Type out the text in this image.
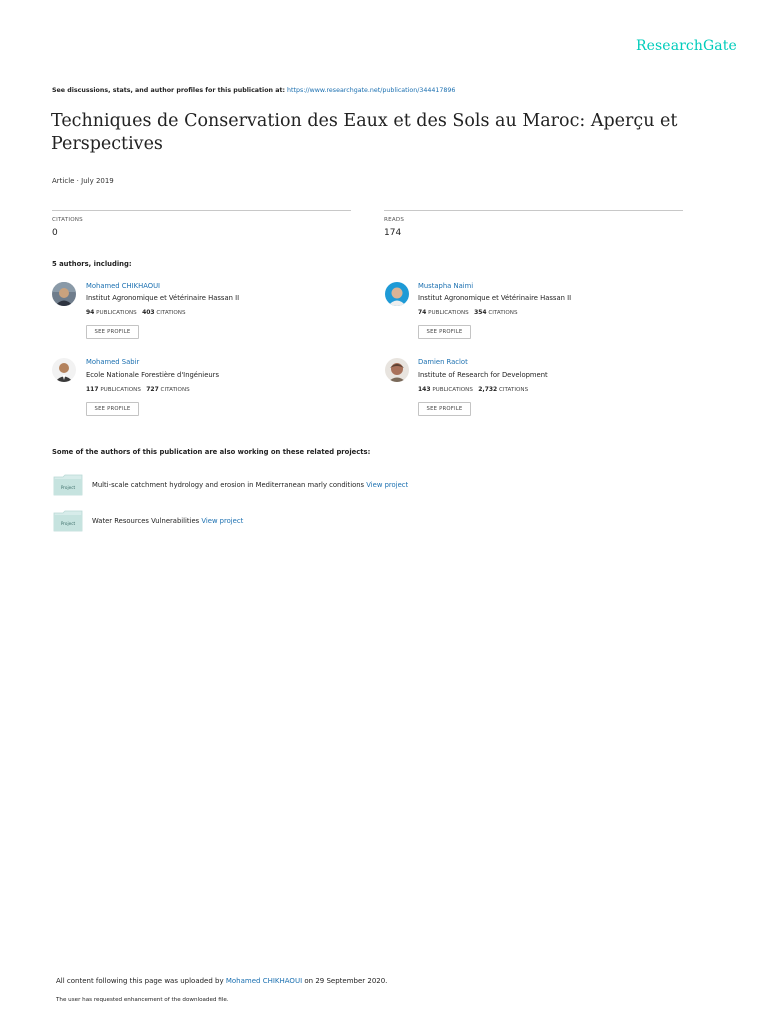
ResearchGate
See discussions, stats, and author profiles for this publication at: https://www.researchgate.net/publication/344417896
Techniques de Conservation des Eaux et des Sols au Maroc: Aperçu et Perspectives
Article · July 2019
CITATIONS
0
READS
174
5 authors, including:
Mohamed CHIKHAOUI
Institut Agronomique et Vétérinaire Hassan II
94 PUBLICATIONS 403 CITATIONS
SEE PROFILE
Mustapha Naimi
Institut Agronomique et Vétérinaire Hassan II
74 PUBLICATIONS 354 CITATIONS
SEE PROFILE
Mohamed Sabir
Ecole Nationale Forestière d'Ingénieurs
117 PUBLICATIONS 727 CITATIONS
SEE PROFILE
Damien Raclot
Institute of Research for Development
143 PUBLICATIONS 2,732 CITATIONS
SEE PROFILE
Some of the authors of this publication are also working on these related projects:
Project Multi-scale catchment hydrology and erosion in Mediterranean marly conditions View project
Project Water Resources Vulnerabilities View project
All content following this page was uploaded by Mohamed CHIKHAOUI on 29 September 2020.
The user has requested enhancement of the downloaded file.
